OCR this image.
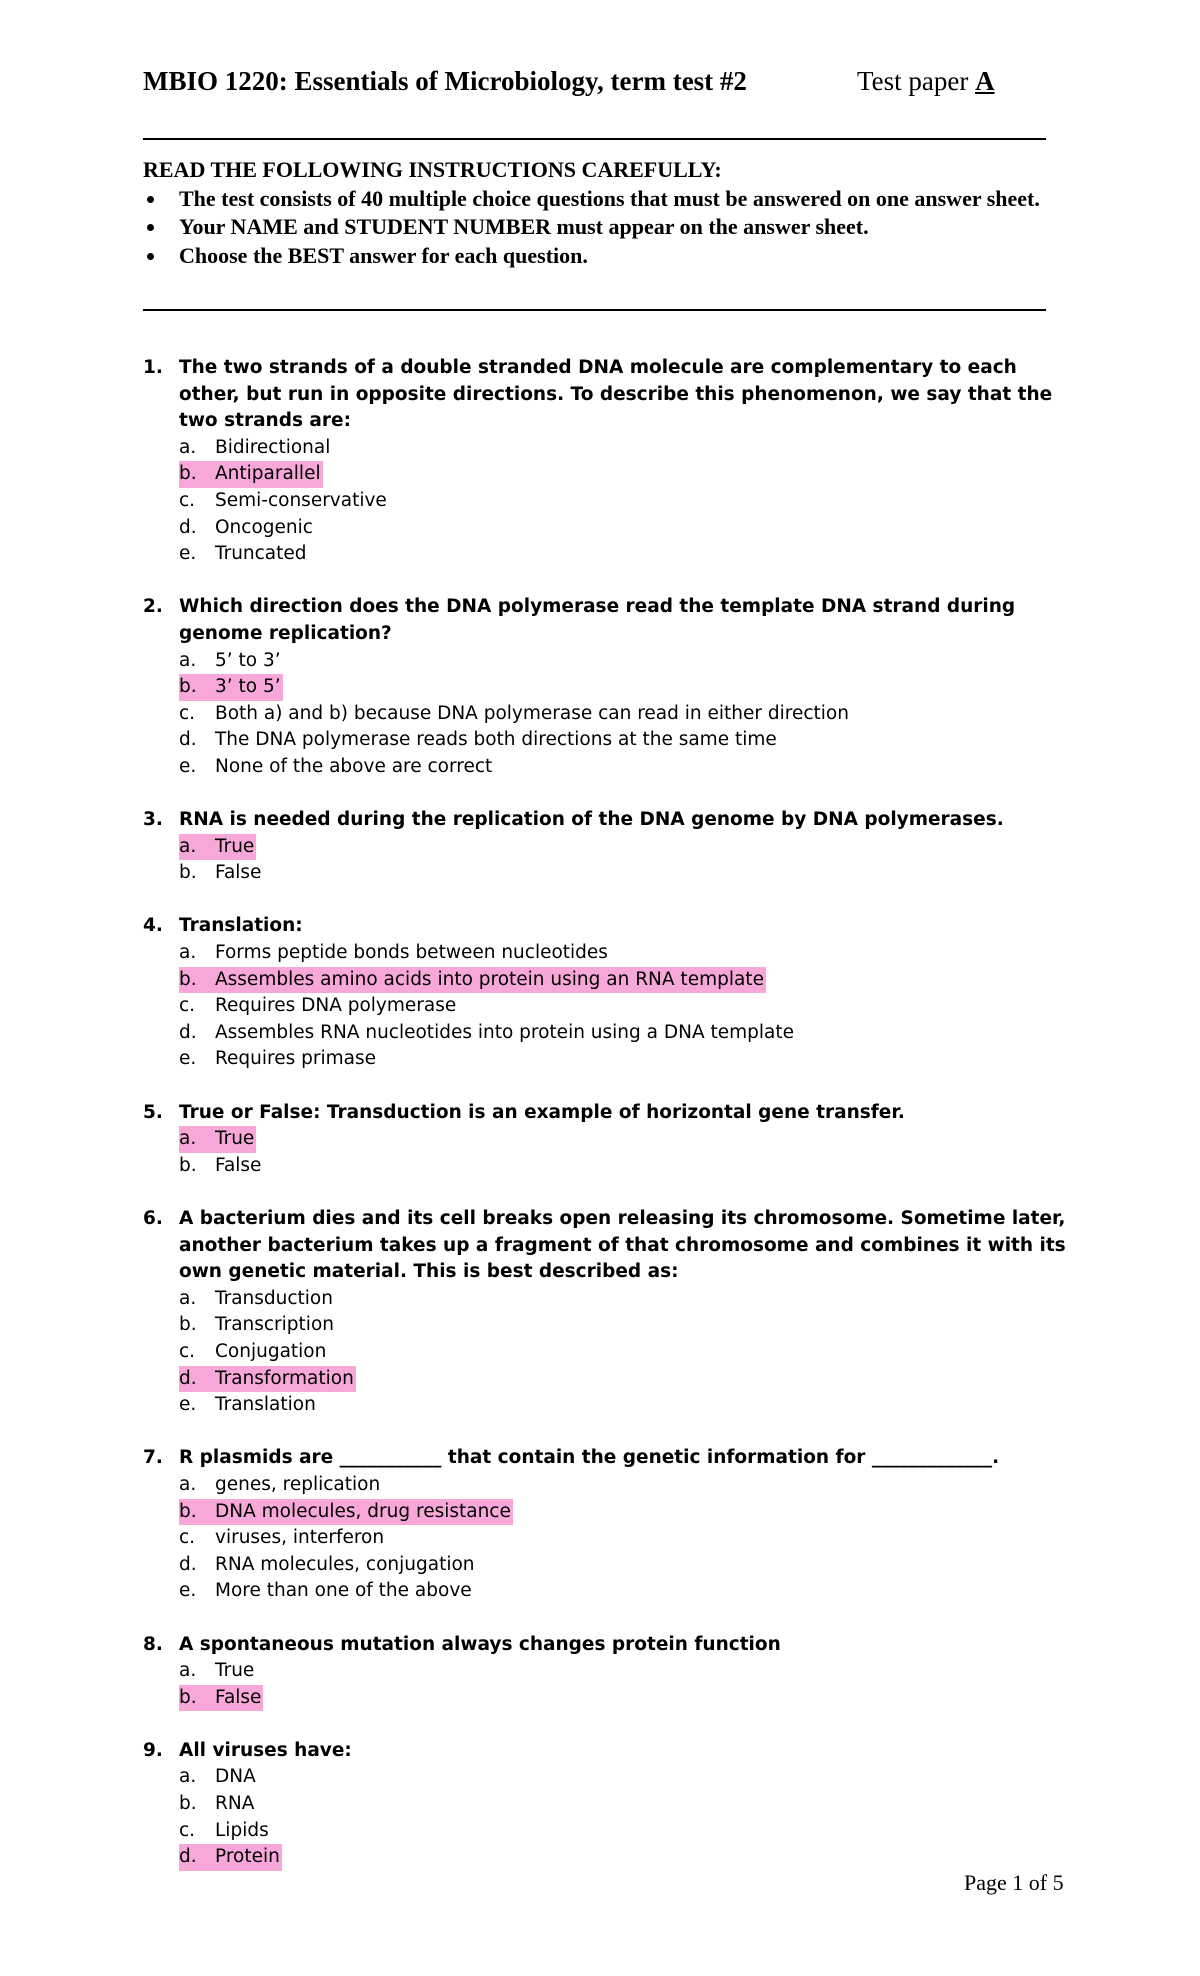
MBIO 1220: Essentials of Microbiology, term test #2	Test paper A

READ THE FOLLOWING INSTRUCTIONS CAREFULLY:

The test consists of 40 multiple choice questions that must be answered on one answer sheet.
Your NAME and STUDENT NUMBER must appear on the answer sheet.
Choose the BEST answer for each question.
1. The two strands of a double stranded DNA molecule are complementary to each other, but run in opposite directions. To describe this phenomenon, we say that the two strands are:
a. Bidirectional
b. Antiparallel
c. Semi-conservative
d. Oncogenic
e. Truncated
2. Which direction does the DNA polymerase read the template DNA strand during genome replication?
a. 5’ to 3’
b. 3’ to 5’
c. Both a) and b) because DNA polymerase can read in either direction
d. The DNA polymerase reads both directions at the same time
e. None of the above are correct
3. RNA is needed during the replication of the DNA genome by DNA polymerases.
a. True
b. False
4. Translation:
a. Forms peptide bonds between nucleotides
b. Assembles amino acids into protein using an RNA template
c. Requires DNA polymerase
d. Assembles RNA nucleotides into protein using a DNA template
e. Requires primase
5. True or False: Transduction is an example of horizontal gene transfer.
a. True
b. False
6. A bacterium dies and its cell breaks open releasing its chromosome. Sometime later, another bacterium takes up a fragment of that chromosome and combines it with its own genetic material. This is best described as:
a. Transduction
b. Transcription
c. Conjugation
d. Transformation
e. Translation
7. R plasmids are ___________ that contain the genetic information for _____________.
a. genes, replication
b. DNA molecules, drug resistance
c. viruses, interferon
d. RNA molecules, conjugation
e. More than one of the above
8. A spontaneous mutation always changes protein function
a. True
b. False
9. All viruses have:
a. DNA
b. RNA
c. Lipids
d. Protein
Page 1 of 5
